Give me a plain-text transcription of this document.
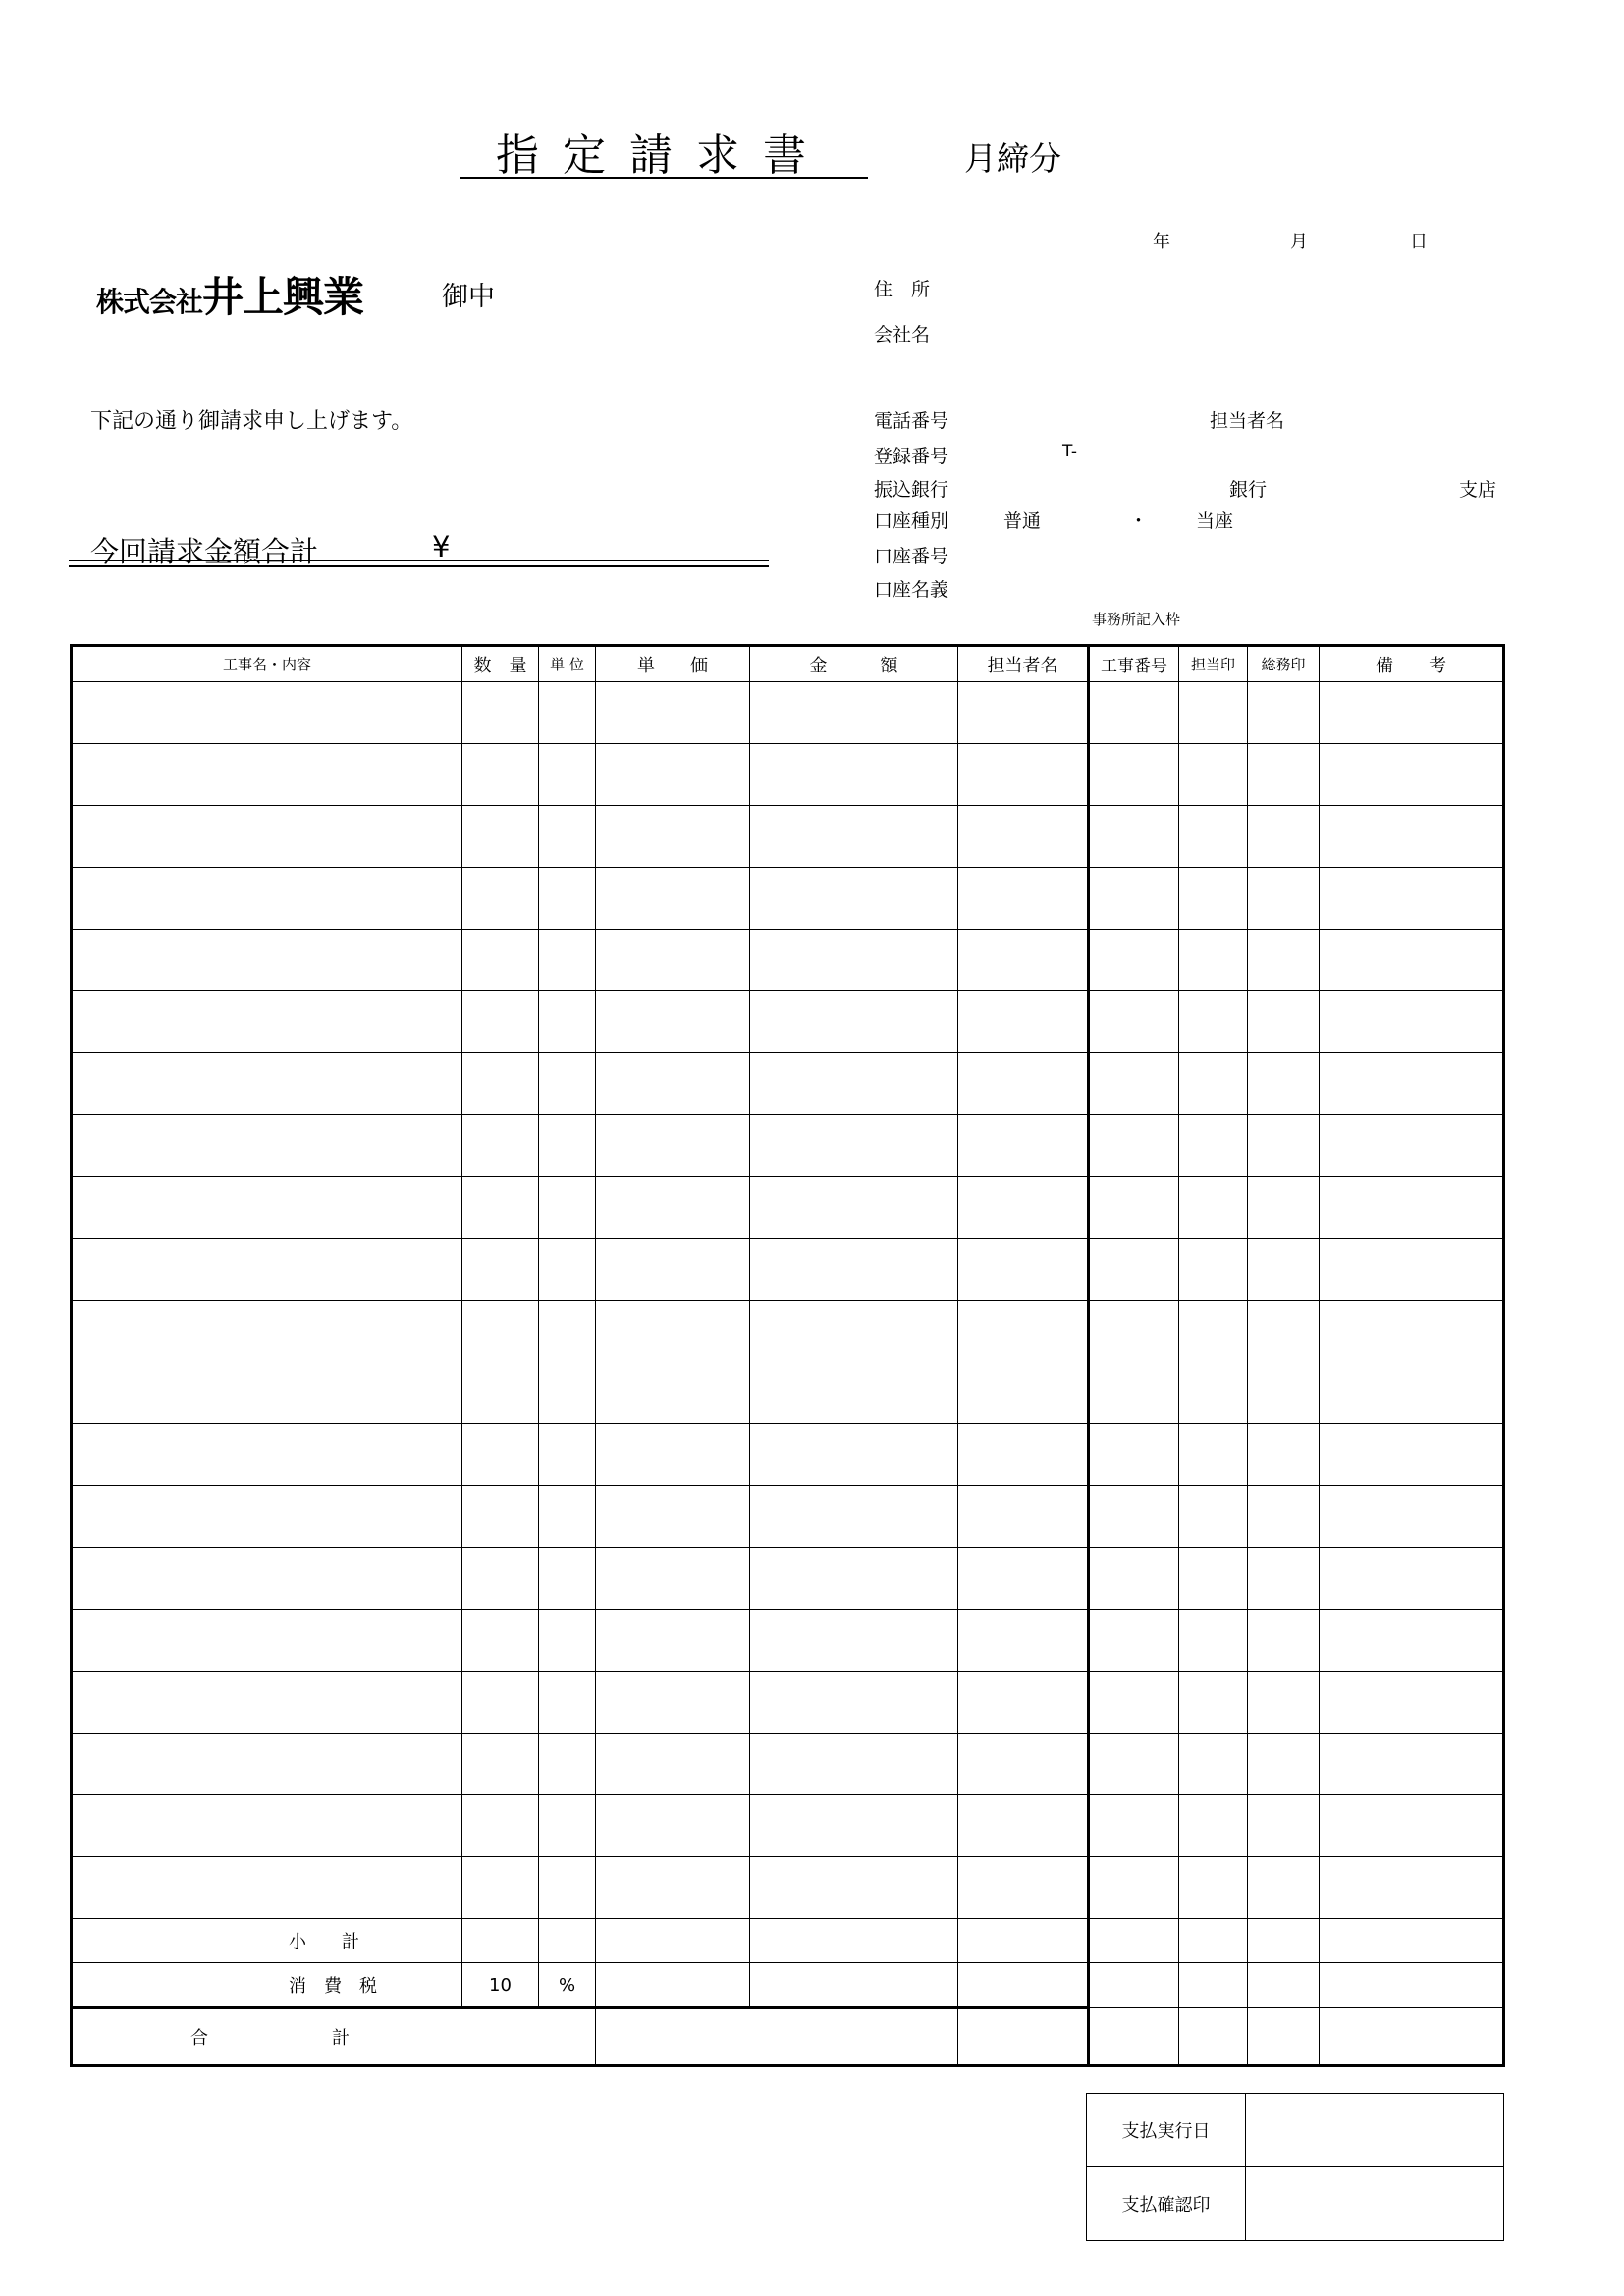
指定請求書	月締分
年	月	日
株式会社井上興業	御中
下記の通り御請求申し上げます。
今回請求金額合計	¥
住　所
会社名
電話番号	担当者名
登録番号	T-
振込銀行	銀行	支店
口座種別	普通	・	当座
口座番号
口座名義
事務所記入枠
工事名・内容	数　量	単 位	単　　価	金　　　額	担当者名	工事番号	担当印	総務印	備　　考

小　　計									
消　費　税	10	%							
合　　　　　　　計									
支払実行日	
支払確認印	
